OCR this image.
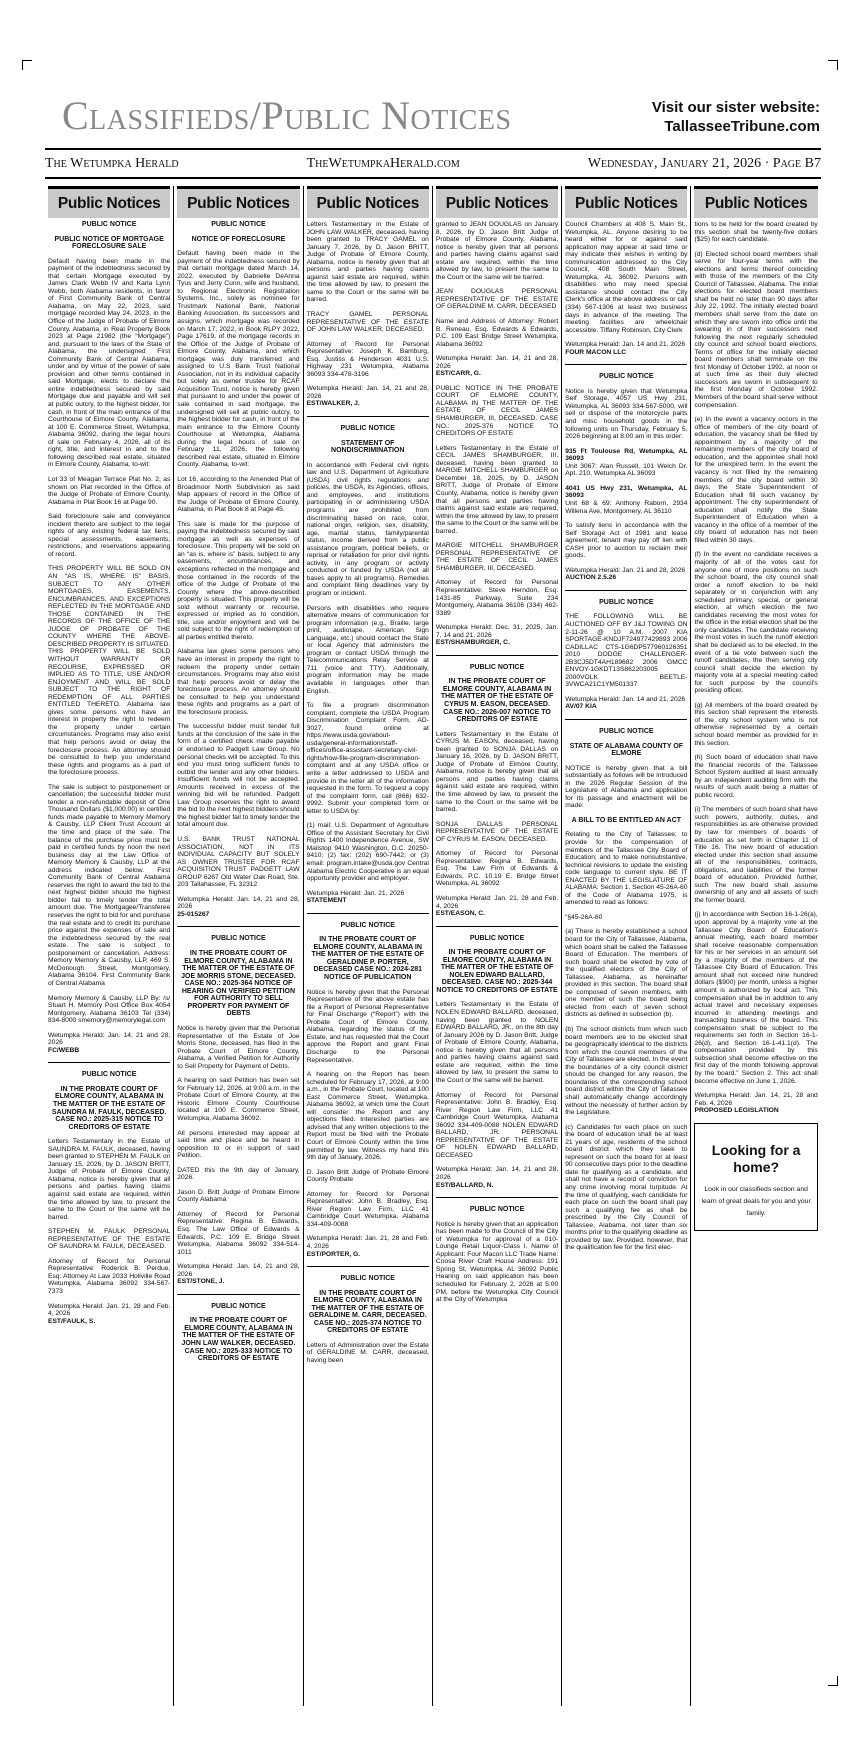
Classifieds/Public Notices	Visit our sister website:
TallasseeTribune.com
The Wetumpka Herald	TheWetumpkaHerald.com	Wednesday, January 21, 2026 · Page B7
Public Notices
PUBLIC NOTICE
PUBLIC NOTICE OF MORTGAGE FORECLOSURE SALE
Default having been made in the payment of the indebtedness secured by that certain Mortgage executed by James Clark Webb IV and Karla Lynn Webb, both Alabama residents, in favor of First Community Bank of Central Alabama, on May 22, 2023, said mortgage recorded May 24, 2023, in the Office of the Judge of Probate of Elmore County, Alabama, in Real Property Book 2023 at Page 21982 (the “Mortgage”) and, pursuant to the laws of the State of Alabama, the undersigned First Community Bank of Central Alabama, under and by virtue of the power of sale provision and other terms contained in said Mortgage, elects to declare the entire indebtedness secured by said Mortgage due and payable and will sell at public outcry, to the highest bidder, for cash, in front of the main entrance of the Courthouse of Elmore County, Alabama, at 100 E. Commerce Street, Wetumpka, Alabama 36092, during the legal hours of sale on February 4, 2026, all of its right, title, and interest in and to the following described real estate, situated in Elmore County, Alabama, to-wit:
Lot 33 of Meagan Terrace Plat No. 2, as shown on Plat recorded in the Office of the Judge of Probate of Elmore County, Alabama in Plat Book 16 at Page 90.
Said foreclosure sale and conveyance incident thereto are subject to the legal rights of any existing federal tax liens, special assessments, easements, restrictions, and reservations appearing of record.
THIS PROPERTY WILL BE SOLD ON AN “AS IS, WHERE IS” BASIS, SUBJECT TO ANY OTHER MORTGAGES, EASEMENTS, ENCUMBRANCES, AND EXCEPTIONS REFLECTED IN THE MORTGAGE AND THOSE CONTAINED IN THE RECORDS OF THE OFFICE OF THE JUDGE OF PROBATE OF THE COUNTY WHERE THE ABOVE-DESCRIBED PROPERTY IS SITUATED. THIS PROPERTY WILL BE SOLD WITHOUT WARRANTY OR RECOURSE, EXPRESSED OR IMPLIED AS TO TITLE, USE AND/OR ENJOYMENT AND WILL BE SOLD SUBJECT TO THE RIGHT OF REDEMPTION OF ALL PARTIES ENTITLED THERETO. Alabama law gives some persons who have an interest in property the right to redeem the property under certain circumstances. Programs may also exist that help persons avoid or delay the foreclosure process. An attorney should be consulted to help you understand these rights and programs as a part of the foreclosure process.
The sale is subject to postponement or cancellation; the successful bidder must tender a non-refundable deposit of One Thousand Dollars ($1,000.00) in certified funds made payable to Memory Memory & Causby, LLP Client Trust Account at the time and place of the sale. The balance of the purchase price must be paid in certified funds by noon the next business day at the Law Office of Memory Memory & Causby, LLP at the address indicated below. First Community Bank of Central Alabama reserves the right to award the bid to the next highest bidder should the highest bidder fail to timely tender the total amount due. The Mortgagee/Transferee reserves the right to bid for and purchase the real estate and to credit its purchase price against the expenses of sale and the indebtedness secured by the real estate. The sale is subject to postponement or cancellation. Address: Memory Memory & Causby, LLP, 469 S. McDonough Street, Montgomery, Alabama 36104. First Community Bank of Central Alabama
Memory Memory & Causby, LLP By: /s/ Stuart H. Memory Post Office Box 4054 Montgomery, Alabama 36103 Tel (334) 834-8000 smemory@memorylegal.com
Wetumpka Herald: Jan. 14, 21 and 28, 2026
FC/WEBB
PUBLIC NOTICE
IN THE PROBATE COURT OF ELMORE COUNTY, ALABAMA IN THE MATTER OF THE ESTATE OF SAUNDRA M. FAULK, DECEASED. CASE NO.: 2025-315 NOTICE TO CREDITORS OF ESTATE
Letters Testamentary in the Estate of SAUNDRA M. FAULK, deceased, having been granted to STEPHEN M. FAULK on January 15, 2026, by D. JASON BRITT, Judge of Probate of Elmore County, Alabama, notice is hereby given that all persons and parties having claims against said estate are required, within the time allowed by law, to present the same to the Court or the same will be barred.
STEPHEN M. FAULK PERSONAL REPRESENTATIVE OF THE ESTATE OF SAUNDRA M. FAULK, DECEASED.
Attorney of Record for Personal Representative: Roderick B. Perdue, Esq. Attorney At Law 2033 Hollville Road Wetumpka, Alabama 36092 334-567-7373
Wetumpka Herald: Jan. 21, 28 and Feb. 4, 2026
EST/FAULK, S.
Public Notices
PUBLIC NOTICE
NOTICE OF FORECLOSURE
Default having been made in the payment of the indebtedness secured by that certain mortgage dated March 14, 2022, executed by Gabrielle DeAnna Tyus and Jerry Cunn, wife and husband, to Regional Electronic Registration Systems, Inc., solely as nominee for Trustmark National Bank, National Banking Association, its successors and assigns, which mortgage was recorded on March 17, 2022, in Book RLPY 2022, Page 17619, of the mortgage records in the Office of the Judge of Probate of Elmore County, Alabama, and which mortgage was duly transferred and assigned to U.S Bank Trust National Association, not in its individual capacity but solely as owner trustee for RCAF Acquisition Trust, notice is hereby given that pursuant to and under the power of sale contained in said mortgage, the undersigned will sell at public outcry, to the highest bidder for cash, in front of the main entrance to the Elmore County Courthouse at Wetumpka, Alabama during the legal hours of sale on February 11, 2026, the following described real estate, situated in Elmore County, Alabama, to-wit:
Lot 16, according to the Amended Plat of Broadmoor North Subdivision as said Map appears of record in the Office of the Judge of Probate of Elmore County, Alabama, in Plat Book 8 at Page 45.
This sale is made for the purpose of paying the indebtedness secured by said mortgage as well as expenses of foreclosure. This property will be sold on an “as is, where is” basis, subject to any easements, encumbrances, and exceptions reflected in the mortgage and those contained in the records of the office of the Judge of Probate of the County where the above-described property is situated. This property will be sold without warranty or recourse, expressed or implied as to condition, title, use and/or enjoyment and will be sold subject to the right of redemption of all parties entitled thereto.
Alabama law gives some persons who have an interest in property the right to redeem the property under certain circumstances. Programs may also exist that help persons avoid or delay the foreclosure process. An attorney should be consulted to help you understand these rights and programs as a part of the foreclosure process.
The successful bidder must tender full funds at the conclusion of the sale in the form of a certified check made payable or endorsed to Padgett Law Group. No personal checks will be accepted. To this end you must bring sufficient funds to outbid the lender and any other bidders. Insufficient funds will not be accepted. Amounts received in excess of the winning bid will be refunded. Padgett Law Group reserves the right to award the bid to the next highest bidders should the highest bidder fail to timely tender the total amount due.
U.S. BANK TRUST NATIONAL ASSOCIATION, NOT IN ITS INDIVIDUAL CAPACITY BUT SOLELY AS OWNER TRUSTEE FOR RCAF ACQUISITION TRUST PADGETT LAW GROUP 6267 Old Water Oak Road, Ste. 203 Tallahassee, FL 32312
Wetumpka Herald: Jan. 14, 21 and 28, 2026
25-015267
PUBLIC NOTICE
IN THE PROBATE COURT OF ELMORE COUNTY, ALABAMA IN THE MATTER OF THE ESTATE OF JOE MORRIS STONE, DECEASED. CASE NO.: 2025-364 NOTICE OF HEARING ON VERIFIED PETITION FOR AUTHORITY TO SELL PROPERTY FOR PAYMENT OF DEBTS
Notice is hereby given that the Personal Representative of the Estate of Joe Morris Stone, deceased, has filed in the Probate Court of Elmore County, Alabama, a Verified Petition for Authority to Sell Property for Payment of Debts.
A hearing on said Petition has been set for February 12, 2026, at 9:00 a.m. in the Probate Court of Elmore County, at the Historic Elmore County Courthouse located at 100 E. Commerce Street, Wetumpka, Alabama 36092.
All persons interested may appear at said time and place and be heard in opposition to or in support of said Petition.
DATED this the 9th day of January, 2026.
Jason D. Britt Judge of Probate Elmore County Alabama
Attorney of Record for Personal Representative: Regina B. Edwards, Esq. The Law Office of Edwards & Edwards, P.C. 109 E. Bridge Street Wetumpka, Alabama 36092 334-514-1011
Wetumpka Herald: Jan. 14, 21 and 28, 2026
EST/STONE, J.
PUBLIC NOTICE
IN THE PROBATE COURT OF ELMORE COUNTY, ALABAMA IN THE MATTER OF THE ESTATE OF JOHN LAW WALKER, DECEASED. CASE NO.: 2025-333 NOTICE TO CREDITORS OF ESTATE
Public Notices
Letters Testamentary in the Estate of JOHN LAW WALKER, deceased, having been granted to TRACY GAMEL on January 7, 2026, by D. Jason BRITT, Judge of Probate of Elmore County, Alabama, notice is hereby given that all persons and parties having claims against said estate are required, within the time allowed by law, to present the same to the Court or the same will be barred.
TRACY GAMEL PERSONAL REPRESENTATIVE OF THE ESTATE OF JOHN LAW WALKER, DECEASED.
Attorney of Record for Personal Representative: Joseph K. Bamburg, Esq. Justiss & Henderson 4031 U.S. Highway 231 Wetumpka, Alabama 36093 334-478-3196
Wetumpka Herald: Jan. 14, 21 and 28, 2026
EST/WALKER, J.
PUBLIC NOTICE
STATEMENT OF NONDISCRIMINATION
In accordance with Federal civil rights law and U.S. Department of Agriculture (USDA) civil rights regulations and policies, the USDA, its Agencies, offices, and employees, and institutions participating in or administering USDA programs are prohibited from discriminating based on race, color, national origin, religion, sex, disability, age, marital status, family/parental status, income derived from a public assistance program, political beliefs, or reprisal or retaliation for prior civil rights activity, in any program or activity conducted or funded by USDA (not all bases apply to all programs). Remedies and complaint filing deadlines vary by program or incident.
Persons with disabilities who require alternative means of communication for program information (e.g., Braille, large print, audiotape, American Sign Language, etc.) should contact the State or local Agency that administers the program or contact USDA through the Telecommunications Relay Service at 711 (voice and TTY). Additionally, program information may be made available in languages other than English.
To file a program discrimination complaint, complete the USDA Program Discrimination Complaint Form, AD-3027, found online at https://www.usda.gov/about-usda/general-information/staff-offices/office-assistant-secretary-civil-rights/how-file-program-discrimination-complaint and at any USDA office or write a letter addressed to USDA and provide in the letter all of the information requested in the form. To request a copy of the complaint form, call (866) 632-9992. Submit your completed form or letter to USDA by:
(1) mail: U.S. Department of Agriculture Office of the Assistant Secretary for Civil Rights 1400 Independence Avenue, SW Mailstop 9410 Washington, D.C. 20250-9410; (2) fax: (202) 690-7442; or (3) email: program.intake@usda.gov Central Alabama Electric Cooperative is an equal opportunity provider and employer.
Wetumpka Herald: Jan. 21, 2026
STATEMENT
PUBLIC NOTICE
IN THE PROBATE COURT OF ELMORE COUNTY, ALABAMA IN THE MATTER OF THE ESTATE OF GERALDINE P. PORTER, DECEASED CASE NO.: 2024-281 NOTICE OF PUBLICATION
Notice is hereby given that the Personal Representative of the above estate has file a Report of Personal Representative for Final Discharge (“Report”) with the Probate Court of Elmore County, Alabama, regarding the status of the Estate, and has requested that the Court approve the Report and grant Final Discharge to the Personal Representative.
A hearing on the Report has been scheduled for February 17, 2026, at 9:00 a.m., in the Probate Court, located at 100 East Commerce Street, Wetumpka, Alabama 36092, at which time the Court will consider the Report and any objections filed. Interested parties are advised that any written objections to the Report must be filed with the Probate Court of Elmore County within the time permitted by law. Witness my hand this 9th day of January, 2026.
D. Jason Britt Judge of Probate Elmore County Probate
Attorney for Record for Personal Representative: John B. Bradley, Esq. River Region Law Firm, LLC 41 Cambridge Court Wetumpka, Alabama 334-409-0088
Wetumpka Herald: Jan. 21, 28 and Feb. 4, 2026
EST/PORTER, G.
PUBLIC NOTICE
IN THE PROBATE COURT OF ELMORE COUNTY, ALABAMA IN THE MATTER OF THE ESTATE OF GERALDINE M. CARR, DECEASED. CASE NO.: 2025-374 NOTICE TO CREDITORS OF ESTATE
Letters of Administration over the Estate of GERALDINE M. CARR, deceased, having been
Public Notices
granted to JEAN DOUGLAS on January 8, 2026, by D. Jason Britt Judge of Probate of Elmore County, Alabama, notice is hereby given that all persons and parties having claims against said estate are required, within the time allowed by law, to present the same to the Court or the same will be barred.
JEAN DOUGLAS PERSONAL REPRESENTATIVE OF THE ESTATE OF GERALDINE M. CARR, DECEASED
Name and Address of Attorney: Robert B. Reneau, Esq. Edwards & Edwards, P.C. 109 East Bridge Street Wetumpka, Alabama 36092
Wetumpka Herald: Jan. 14, 21 and 28, 2026
EST/CARR, G.
PUBLIC NOTICE IN THE PROBATE COURT OF ELMORE COUNTY, ALABAMA IN THE MATTER OF THE ESTATE OF CECIL JAMES SHAMBURGER, III, DECEASED. CASE NO.: 2025-376 NOTICE TO CREDITORS OF ESTATE
Letters Testamentary in the Estate of CECIL JAMES SHAMBURGER, III, deceased, having been granted to MARGIE MITCHELL SHAMBURGER on December 18, 2025, by D. JASON BRITT, Judge of Probate of Elmore County, Alabama, notice is hereby given that all persons and parties having claims against said estate are required, within the time allowed by law, to present the same to the Court or the same will be barred.
MARGIE MITCHELL SHAMBURGER PERSONAL REPRESENTATIVE OF THE ESTATE OF CECIL JAMES SHAMBURGER, III, DECEASED.
Attorney of Record for Personal Representative: Steve Herndon, Esq. 1431-85 Parkway, Suite 234 Montgomery, Alabama 36106 (334) 462-3389
Wetumpka Herald: Dec. 31, 2025, Jan. 7, 14 and 21, 2026
EST/SHAMBURGER, C.
PUBLIC NOTICE
IN THE PROBATE COURT OF ELMORE COUNTY, ALABAMA IN THE MATTER OF THE ESTATE OF CYRUS M. EASON, DECEASED. CASE NO.: 2026-007 NOTICE TO CREDITORS OF ESTATE
Letters Testamentary in the Estate of CYRUS M. EASON, deceased, having been granted to SONJA DALLAS on January 16, 2026, by D. JASON BRITT, Judge of Probate of Elmore County, Alabama, notice is hereby given that all persons and parties having claims against said estate are required, within the time allowed by law, to present the same to the Court or the same will be barred.
SONJA DALLAS PERSONAL REPRESENTATIVE OF THE ESTATE OF CYRUS M. EASON, DECEASED.
Attorney of Record for Personal Representative: Regina B. Edwards, Esq. The Law Firm of Edwards & Edwards, P.C. 10.19 E. Bridge Street Wetumpka, AL 36092
Wetumpka Herald: Jan. 21, 28 and Feb. 4, 2026
EST/EASON, C.
PUBLIC NOTICE
IN THE PROBATE COURT OF ELMORE COUNTY, ALABAMA IN THE MATTER OF THE ESTATE OF NOLEN EDWARD BALLARD, DECEASED. CASE NO.: 2025-344 NOTICE TO CREDITORS OF ESTATE
Letters Testamentary in the Estate of NOLEN EDWARD BALLARD, deceased, having been granted to NOLEN EDWARD BALLARD, JR., on the 8th day of January 2026 by D. Jason Britt, Judge of Probate of Elmore County, Alabama, notice is hereby given that all persons and parties having claims against said estate are required, within the time allowed by law, to present the same to the Court or the same will be barred.
Attorney of Record for Personal Representative: John B. Bradley, Esq. River Region Law Firm, LLC 41 Cambridge Court Wetumpka, Alabama 36092 334-409-0088 NOLEN EDWARD BALLARD, JR. PERSONAL REPRESENTATIVE OF THE ESTATE OF NOLEN EDWARD BALLARD, DECEASED
Wetumpka Herald: Jan. 14, 21 and 28, 2026
EST/BALLARD, N.
PUBLIC NOTICE
Notice is hereby given that an application has been made to the Council of the City of Wetumpka for approval of a 010-Lounge Retail Liquor-Class I. Name of Applicant: Four Macon LLC Trade Name: Coosa River Craft House Address: 191 Spring St, Wetumpka, AL 36092 Public Hearing on said application has been scheduled for February 2, 2026 at 5:00 PM, before the Wetumpka City Council at the City of Wetumpka
Public Notices
Council Chambers at 408 S. Main St., Wetumpka, AL. Anyone desiring to be heard either for or against said application may appear at said time or may indicate their wishes in writing by communication addressed to the City Council, 408 South Main Street, Wetumpka, AL 36092. Persons with disabilities who may need special assistance should contact the City Clerk's office at the above address or call (334) 567-1306 at least two business days in advance of the meeting. The meeting facilities are wheelchair accessible. Tiffany Robinson, City Clerk
Wetumpka Herald: Jan. 14 and 21, 2026
FOUR MACON LLC
PUBLIC NOTICE
Notice is hereby given that Wetumpka Self Storage, 4057 US Hwy 231, Wetumpka, AL 36093 334-567-5000, will sell or dispose of the motorcycle parts and misc household goods in the following units on Thursday, February 5, 2026 beginning at 8:00 am in this order:
935 Ft Toulouse Rd, Wetumpka, AL 36093
Unit 3067: Alan Russell, 101 Welch Dr. Apt. 210, Wetumpka AL 36093
4041 US Hwy 231, Wetumpka, AL 36093
Unit 68 & 69: Anthony Raborn, 2934 Willena Ave, Montgomery, AL 36110
To satisfy liens in accordance with the Self Storage Act of 1981 and lease agreement, tenant may pay off lien with CASH prior to auction to reclaim their goods.
Wetumpka Herald: Jan. 21 and 28, 2026
AUCTION 2.5.26
PUBLIC NOTICE
THE FOLLOWING WILL BE AUCTIONED OFF BY J&J TOWING ON 2-11-26 @ 10 A.M. 2007 KIA SPORTAGE-KNDJF724977429893 2006 CADILLAC CTS-1G6DP577960126351 2010 DODGE CHALLENGER-2B3CJ5DT4AH189682 2006 GMCC ENVOY-1GKDT13S862203005 2000VOLK BEETLE-3VWCA21C1YM501337
Wetumpka Herald: Jan. 14 and 21, 2026
AV/07 KIA
PUBLIC NOTICE
STATE OF ALABAMA COUNTY OF ELMORE
NOTICE is hereby given that a bill substantially as follows will be introduced in the 2026 Regular Session of the Legislature of Alabama and application for its passage and enactment will be made:
A BILL TO BE ENTITLED AN ACT
Relating to the City of Tallassee; to provide for the compensation of members of the Tallassee City Board of Education; and to make nonsubstantive, technical revisions to update the existing code language to current style. BE IT ENACTED BY THE LEGISLATURE OF ALABAMA: Section 1. Section 45-26A-60 of the Code of Alabama 1975, is amended to read as follows:
“§45-26A-60
(a) There is hereby established a school board for the City of Tallassee, Alabama, which board shall be called the Tallassee Board of Education. The members of such board shall be elected by vote of the qualified electors of the City of Tallassee, Alabama, as hereinafter provided in this section. The board shall be composed of seven members, with one member of such the board being elected from each of seven school districts as defined in subsection (b).
(b) The school districts from which such board members are to be elected shall be geographically identical to the districts from which the council members of the City of Tallassee are elected. In the event the boundaries of a city council district should be changed for any reason, the boundaries of the corresponding school board district within the City of Tallassee shall automatically change accordingly without the necessity of further action by the Legislature.
(c) Candidates for each place on such the board of education shall be at least 21 years of age, residents of the school board district which they seek to represent on such the board for at least 90 consecutive days prior to the deadline date for qualifying as a candidate, and shall not have a record of conviction for any crime involving moral turpitude. At the time of qualifying, each candidate for each place on such the board shall pay such a qualifying fee as shall be prescribed by the City Council of Tallassee, Alabama, not later than six months prior to the qualifying deadline as provided by law. Provided, however, that the qualification fee for the first elec-
Public Notices
tions to be held for the board created by this section shall be twenty-five dollars ($25) for each candidate.
(d) Elected school board members shall serve for four-year terms with the elections and terms thereof coinciding with those of the members of the City Council of Tallassee, Alabama. The initial elections for elected board members shall be held no later than 90 days after July 22, 1992. The initially elected board members shall serve from the date on which they are sworn into office until the swearing in of their successors next following the next regularly scheduled city council and school board elections. Terms of office for the initially elected board members shall terminate on the first Monday of October 1992, at noon or at such time as their duly elected successors are sworn in subsequent to the first Monday of October 1992. Members of the board shall serve without compensation.
(e) In the event a vacancy occurs in the office of members of the city board of education, the vacancy shall be filled by appointment by a majority of the remaining members of the city board of education, and the appointee shall hold for the unexpired term. In the event the vacancy is not filled by the remaining members of the city board within 30 days, the State Superintendent of Education shall fill such vacancy by appointment. The city superintendent of education shall notify the State Superintendent of Education when a vacancy in the office of a member of the city board of education has not been filled within 30 days.
(f) In the event no candidate receives a majority of all of the votes cast for anyone one of more positions on such the school board, the city council shall order a runoff election to be held separately or in conjunction with any scheduled primary, special, or general election, at which election the two candidates receiving the most votes for the office in the initial election shall be the only candidates. The candidate receiving the most votes in such the runoff election shall be declared as to be elected. In the event of a tie vote between such the runoff candidates, the then serving city council shall decide the election by majority vote at a special meeting called for such purpose by the council's presiding officer.
(g) All members of the board created by this section shall represent the interests of the city school system who is not otherwise represented by a certain school board member as provided for in this section.
(h) Such board of education shall have the financial records of the Tallassee School System audited at least annually by an independent auditing firm with the results of such audit being a matter of public record.
(i) The members of such board shall have such powers, authority, duties, and responsibilities as are otherwise provided by law for members of boards of education as set forth in Chapter 11 of Title 16. The new board of education elected under this section shall assume all of the responsibilities, contracts, obligations, and liabilities of the former board of education. Provided further, such The new board shall assume ownership of any and all assets of such the former board.
(j) In accordance with Section 16-1-26(a), upon approval by a majority vote at the Tallassee City Board of Education's annual meeting, each board member shall receive reasonable compensation for his or her services in an amount set by a majority of the members of the Tallassee City Board of Education. This amount shall not exceed nine hundred dollars ($900) per month, unless a higher amount is authorized by local act. This compensation shall be in addition to any actual travel and necessary expenses incurred in attending meetings and transacting business of the board. This compensation shall be subject to the requirements set forth in Section 16-1-26(d), and Section 16-1-41.1(d). The compensation provided by this subsection shall become effective on the first day of the month following approval by the board.” Section 2. This act shall become effective on June 1, 2026.
Wetumpka Herald: Jan. 14, 21, 28 and Feb. 4, 2026
PROPOSED LEGISLATION
Looking for a home?
Look in our classifieds section and learn of great deals for you and your family.
